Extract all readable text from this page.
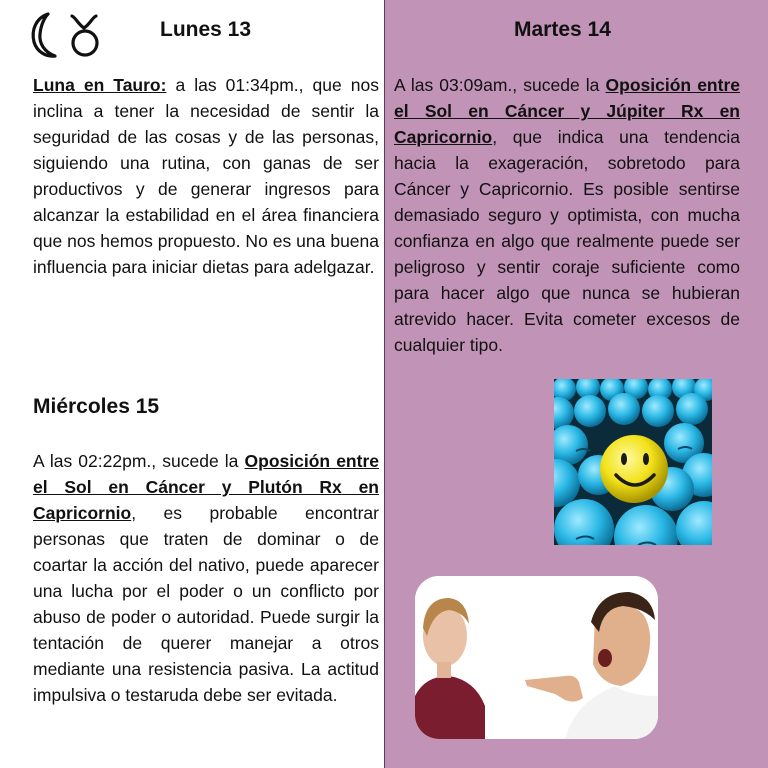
Lunes 13

Luna en Tauro: a las 01:34pm., que nos inclina a tener la necesidad de sentir la seguridad de las cosas y de las personas, siguiendo una rutina, con ganas de ser productivos y de generar ingresos para alcanzar la estabilidad en el área financiera que nos hemos propuesto. No es una buena influencia para iniciar dietas para adelgazar.

Miércoles 15

A las 02:22pm., sucede la Oposición entre el Sol en Cáncer y Plutón Rx en Capricornio, es probable encontrar personas que traten de dominar o de coartar la acción del nativo, puede aparecer una lucha por el poder o un conflicto por abuso de poder o autoridad. Puede surgir la tentación de querer manejar a otros mediante una resistencia pasiva. La actitud impulsiva o testaruda debe ser evitada.

Martes 14

A las 03:09am., sucede la Oposición entre el Sol en Cáncer y Júpiter Rx en Capricornio, que indica una tendencia hacia la exageración, sobretodo para Cáncer y Capricornio. Es posible sentirse demasiado seguro y optimista, con mucha confianza en algo que realmente puede ser peligroso y sentir coraje suficiente como para hacer algo que nunca se hubieran atrevido hacer. Evita cometer excesos de cualquier tipo.
